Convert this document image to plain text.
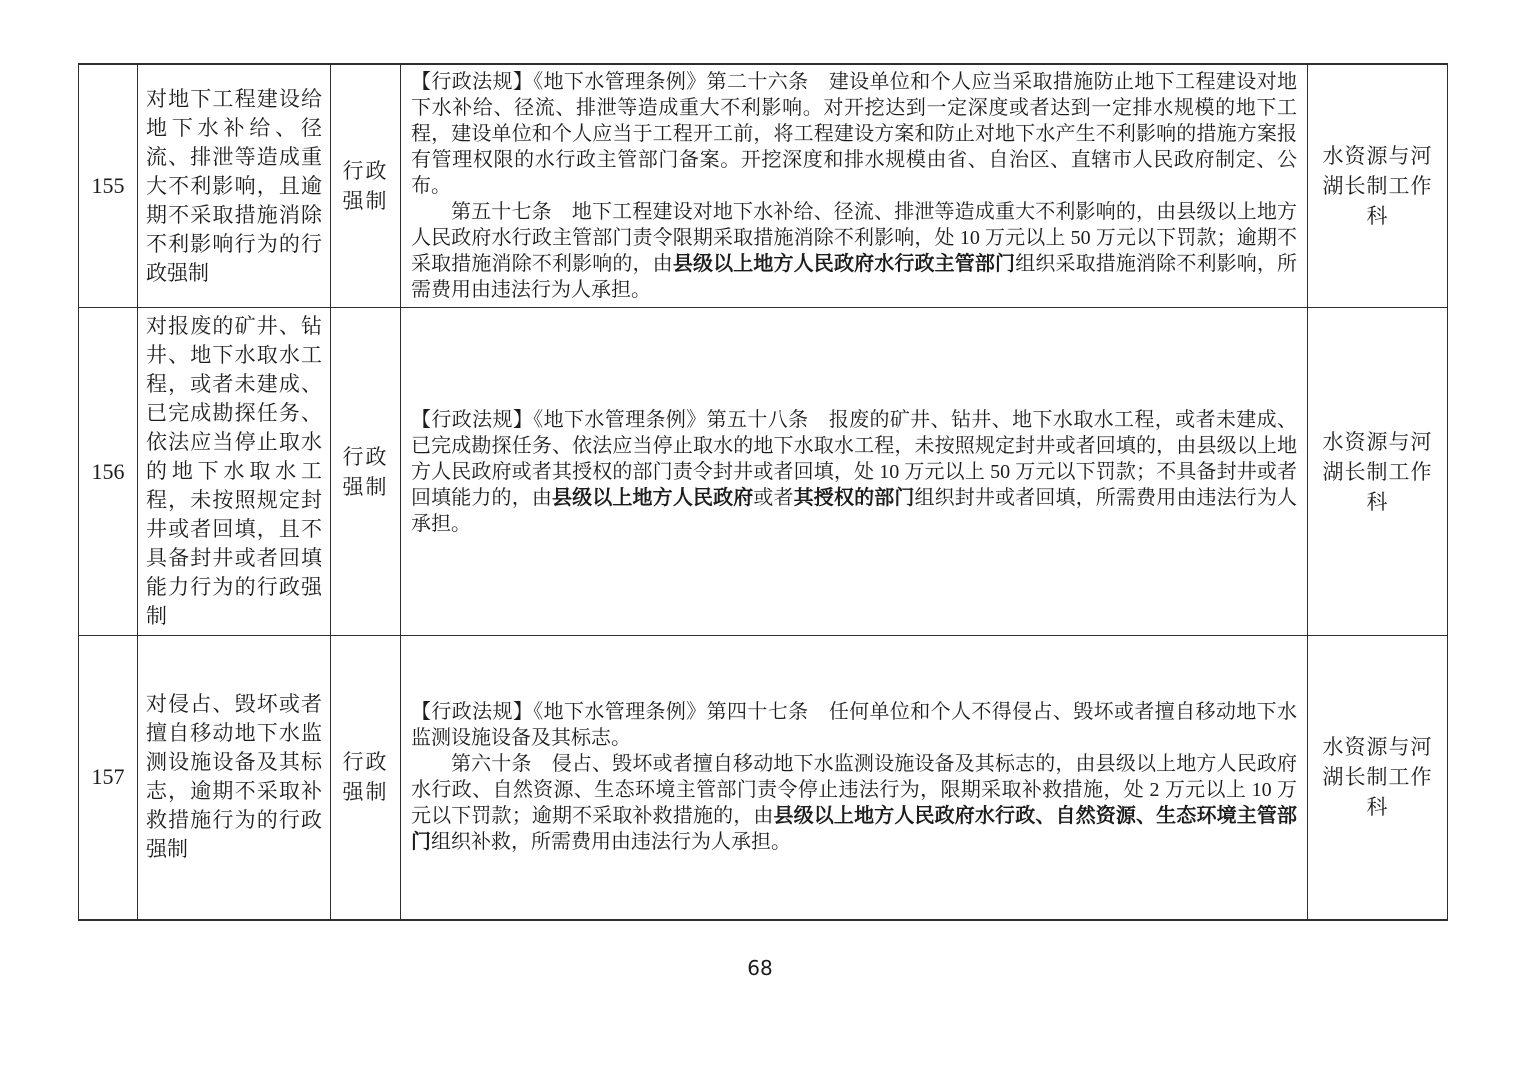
155	对地下工程建设给地下水补给、径流、排泄等造成重大不利影响，且逾期不采取措施消除不利影响行为的行政强制	行政强制	【行政法规】《地下水管理条例》第二十六条　建设单位和个人应当采取措施防止地下工程建设对地下水补给、径流、排泄等造成重大不利影响。对开挖达到一定深度或者达到一定排水规模的地下工程，建设单位和个人应当于工程开工前，将工程建设方案和防止对地下水产生不利影响的措施方案报有管理权限的水行政主管部门备案。开挖深度和排水规模由省、自治区、直辖市人民政府制定、公布。

第五十七条　地下工程建设对地下水补给、径流、排泄等造成重大不利影响的，由县级以上地方人民政府水行政主管部门责令限期采取措施消除不利影响，处 10 万元以上 50 万元以下罚款；逾期不采取措施消除不利影响的，由县级以上地方人民政府水行政主管部门组织采取措施消除不利影响，所需费用由违法行为人承担。	水资源与河湖长制工作科
156	对报废的矿井、钻井、地下水取水工程，或者未建成、已完成勘探任务、依法应当停止取水的地下水取水工程，未按照规定封井或者回填，且不具备封井或者回填能力行为的行政强制	行政强制	【行政法规】《地下水管理条例》第五十八条　报废的矿井、钻井、地下水取水工程，或者未建成、已完成勘探任务、依法应当停止取水的地下水取水工程，未按照规定封井或者回填的，由县级以上地方人民政府或者其授权的部门责令封井或者回填，处 10 万元以上 50 万元以下罚款；不具备封井或者回填能力的，由县级以上地方人民政府或者其授权的部门组织封井或者回填，所需费用由违法行为人承担。	水资源与河湖长制工作科
157	对侵占、毁坏或者擅自移动地下水监测设施设备及其标志，逾期不采取补救措施行为的行政强制	行政强制	【行政法规】《地下水管理条例》第四十七条　任何单位和个人不得侵占、毁坏或者擅自移动地下水监测设施设备及其标志。

第六十条　侵占、毁坏或者擅自移动地下水监测设施设备及其标志的，由县级以上地方人民政府水行政、自然资源、生态环境主管部门责令停止违法行为，限期采取补救措施，处 2 万元以上 10 万元以下罚款；逾期不采取补救措施的，由县级以上地方人民政府水行政、自然资源、生态环境主管部门组织补救，所需费用由违法行为人承担。	水资源与河湖长制工作科
68
